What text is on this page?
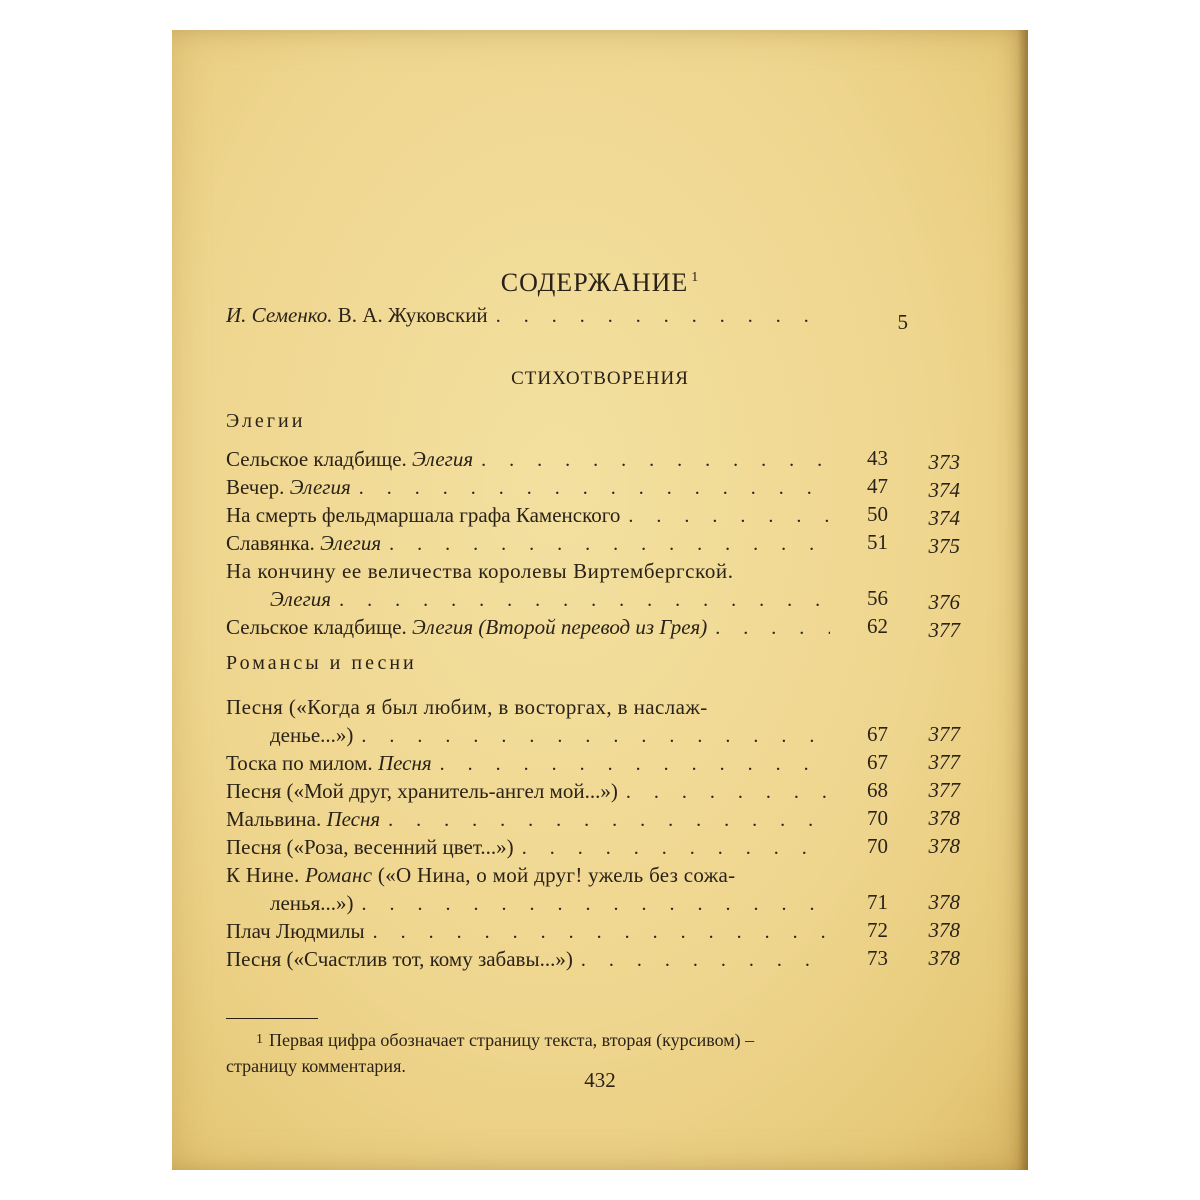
СОДЕРЖАНИЕ $^1$
И. Семенко. В. А. Жуковский . . .	5
СТИХОТВОРЕНИЯ
Элегии
Сельское кладбище. Элегия . . .	43	373
Вечер. Элегия . . .	47	374
На смерть фельдмаршала графа Каменского . . .	50	374
Славянка. Элегия . . .	51	375
На кончину ее величества королевы Виртембергской.
Элегия . . .	56	376
Сельское кладбище. Элегия (Второй перевод из Грея) . . .	62	377
Романсы и песни
Песня («Когда я был любим, в восторгах, в наслаж-
денье...») . . .	67	377
Тоска по милом. Песня . . .	67	377
Песня («Мой друг, хранитель-ангел мой...») . . .	68	377
Мальвина. Песня . . .	70	378
Песня («Роза, весенний цвет...») . . .	70	378
К Нине. Романс («О Нина, о мой друг! ужель без сожа-
ленья...») . . .	71	378
Плач Людмилы . . .	72	378
Песня («Счастлив тот, кому забавы...») . . .	73	378
$^1$ Первая цифра обозначает страницу текста, вторая (курсивом) –
страницу комментария.
432
